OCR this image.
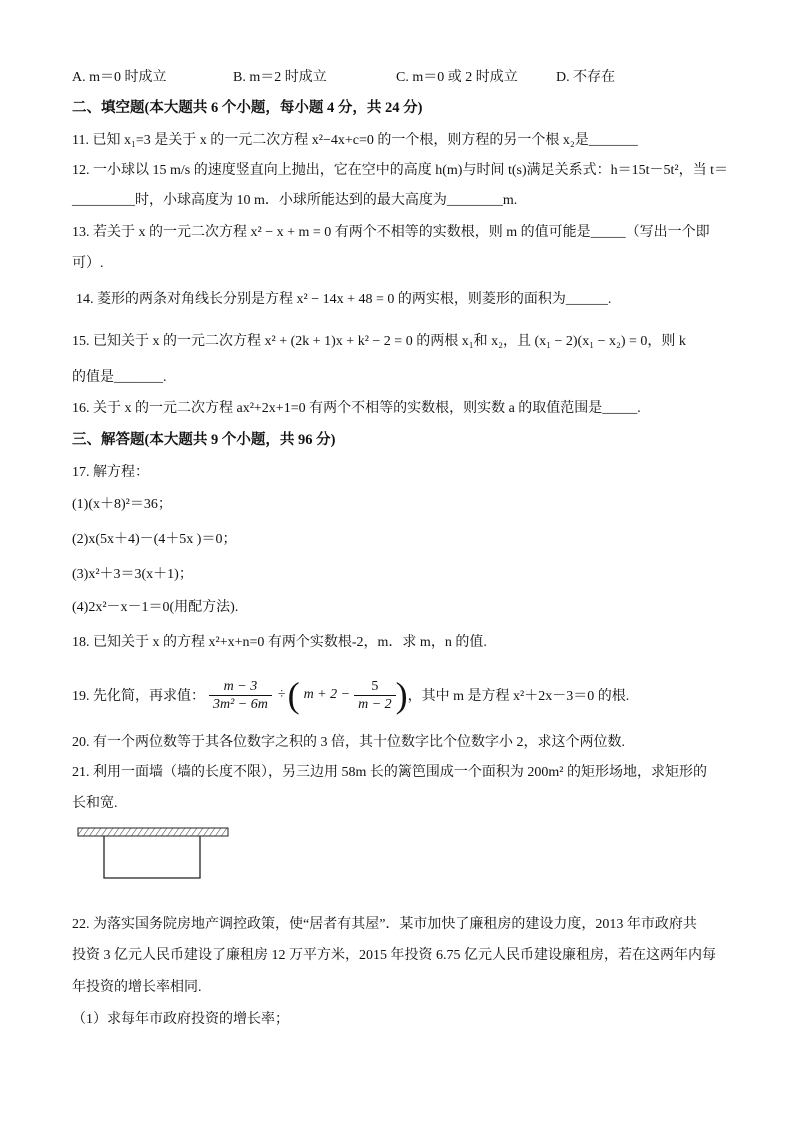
A. m＝0 时成立	B. m＝2 时成立	C. m＝0 或 2 时成立	D. 不存在
二、填空题(本大题共 6 个小题，每小题 4 分，共 24 分)
11. 已知 x₁=3 是关于 x 的一元二次方程 x²−4x+c=0 的一个根，则方程的另一个根 x₂是_______
12. 一小球以 15 m/s 的速度竖直向上抛出，它在空中的高度 h(m)与时间 t(s)满足关系式：h＝15t－5t²，当 t＝
_________时，小球高度为 10 m．小球所能达到的最大高度为________m.
13. 若关于 x 的一元二次方程 x² − x + m = 0 有两个不相等的实数根，则 m 的值可能是_____（写出一个即
可）.
14. 菱形的两条对角线长分别是方程 x² − 14x + 48 = 0 的两实根，则菱形的面积为______.
15. 已知关于 x 的一元二次方程 x² + (2k + 1)x + k² − 2 = 0 的两根 x₁和 x₂，且 (x₁ − 2)(x₁ − x₂) = 0，则 k
的值是_______.
16. 关于 x 的一元二次方程 ax²+2x+1=0 有两个不相等的实数根，则实数 a 的取值范围是_____.
三、解答题(本大题共 9 个小题，共 96 分)
17. 解方程：
(1)(x＋8)²＝36；
(2)x(5x＋4)－(4＋5x )＝0；
(3)x²＋3＝3(x＋1)；
(4)2x²－x－1＝0(用配方法).
18. 已知关于 x 的方程 x²+x+n=0 有两个实数根-2，m．求 m，n 的值.
19. 先化简，再求值： $\frac{m - 3}{\text{3m² − 6m}}$ ÷ ( $m + 2 - \frac{5}{m - 2}$ ) ，其中 m 是方程 x²＋2x－3＝0 的根.
20. 有一个两位数等于其各位数字之积的 3 倍，其十位数字比个位数字小 2，求这个两位数.
21. 利用一面墙（墙的长度不限），另三边用 58m 长的篱笆围成一个面积为 200m² 的矩形场地，求矩形的
长和宽.
22. 为落实国务院房地产调控政策，使“居者有其屋”．某市加快了廉租房的建设力度，2013 年市政府共
投资 3 亿元人民币建设了廉租房 12 万平方米，2015 年投资 6.75 亿元人民币建设廉租房，若在这两年内每
年投资的增长率相同.
（1）求每年市政府投资的增长率；
